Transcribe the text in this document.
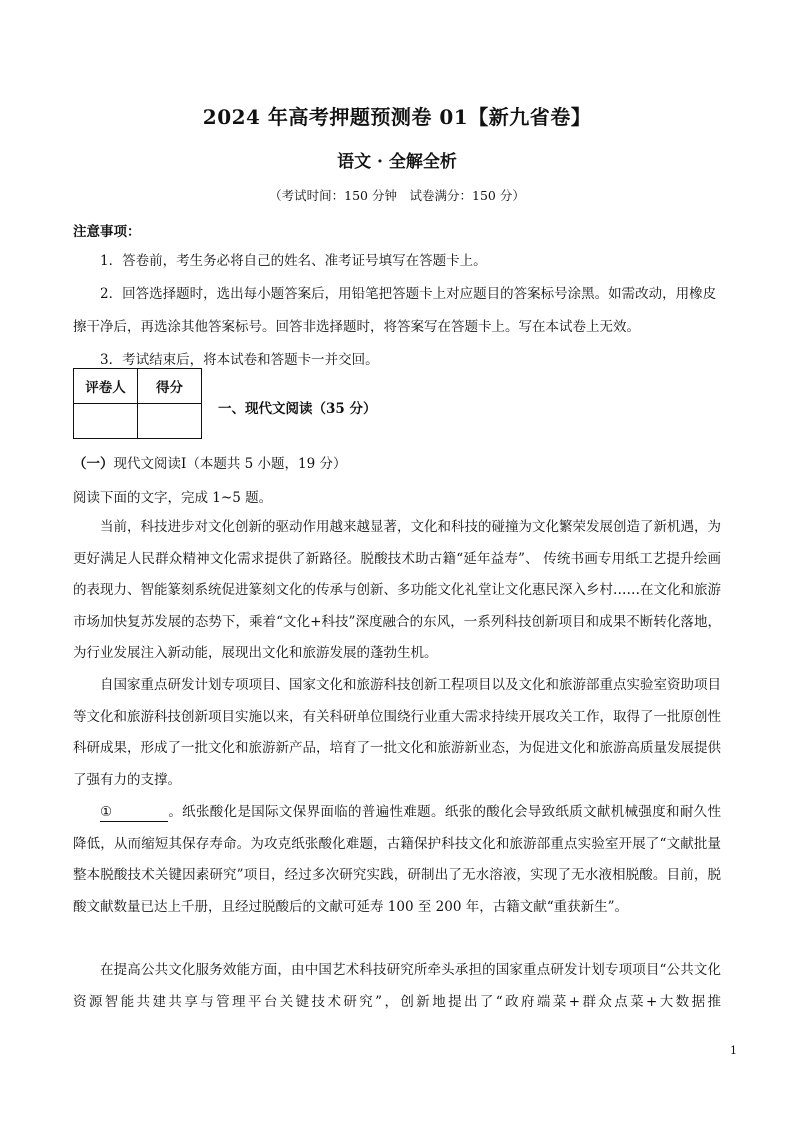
2024 年高考押题预测卷 01【新九省卷】
语文 · 全解全析
（考试时间：150 分钟　试卷满分：150 分）
注意事项：

1．答卷前，考生务必将自己的姓名、准考证号填写在答题卡上。

2．回答选择题时，选出每小题答案后，用铅笔把答题卡上对应题目的答案标号涂黑。如需改动，用橡皮擦干净后，再选涂其他答案标号。回答非选择题时，将答案写在答题卡上。写在本试卷上无效。

3．考试结束后，将本试卷和答题卡一并交回。

评卷人	得分

一、现代文阅读（35 分）
（一）现代文阅读Ⅰ（本题共 5 小题，19 分）
阅读下面的文字，完成 1~5 题。

当前，科技进步对文化创新的驱动作用越来越显著，文化和科技的碰撞为文化繁荣发展创造了新机遇，为更好满足人民群众精神文化需求提供了新路径。脱酸技术助古籍“延年益寿”、 传统书画专用纸工艺提升绘画的表现力、智能篆刻系统促进篆刻文化的传承与创新、多功能文化礼堂让文化惠民深入乡村……在文化和旅游市场加快复苏发展的态势下，乘着“文化+科技”深度融合的东风，一系列科技创新项目和成果不断转化落地，为行业发展注入新动能，展现出文化和旅游发展的蓬勃生机。

自国家重点研发计划专项项目、国家文化和旅游科技创新工程项目以及文化和旅游部重点实验室资助项目等文化和旅游科技创新项目实施以来，有关科研单位围绕行业重大需求持续开展攻关工作，取得了一批原创性科研成果，形成了一批文化和旅游新产品，培育了一批文化和旅游新业态，为促进文化和旅游高质量发展提供了强有力的支撑。

①	。纸张酸化是国际文保界面临的普遍性难题。纸张的酸化会导致纸质文献机械强度和耐久性降低，从而缩短其保存寿命。为攻克纸张酸化难题，古籍保护科技文化和旅游部重点实验室开展了“文献批量整本脱酸技术关键因素研究”项目，经过多次研究实践，研制出了无水溶液，实现了无水液相脱酸。目前，脱酸文献数量已达上千册，且经过脱酸后的文献可延寿 100 至 200 年，古籍文献“重获新生”。

在提高公共文化服务效能方面，由中国艺术科技研究所牵头承担的国家重点研发计划专项项目“公共文化资源智能共建共享与管理平台关键技术研究”，创新地提出了“政府端菜+群众点菜+大数据推

1
